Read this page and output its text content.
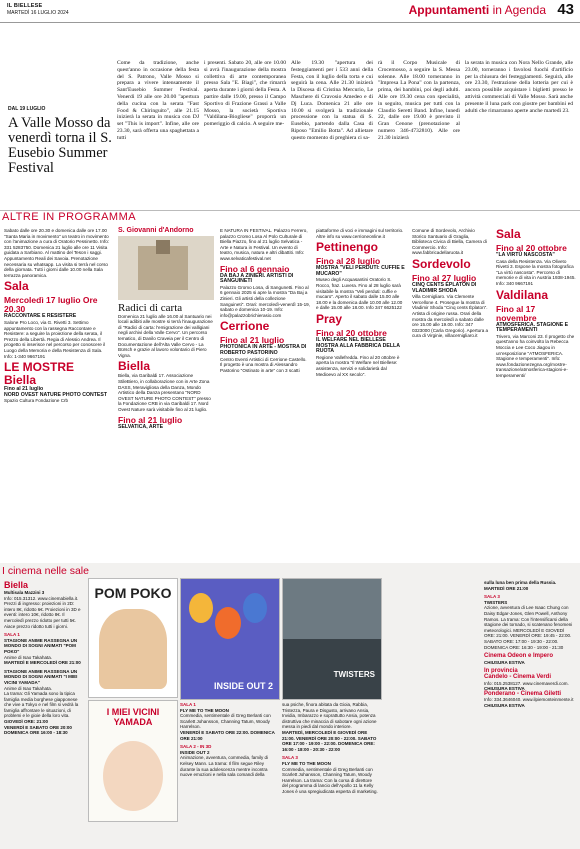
IL BIELLESE
MARTEDÌ 16 LUGLIO 2024	Appuntamenti in Agenda 43
DAL 19 LUGLIO
A Valle Mosso da venerdì torna il S. Eusebio Summer Festival
Come da tradizione, anche quest'anno in occasione della festa del S. Patrono, Valle Mosso si prepara a vivere intensamente il Sant'Eusebio Summer Festival. Venerdì 19 alle ore 20.00 "apertura della cucina con la serata "Fast Food & Chiringuito", alle 21.15 inizierà la serata in musica con DJ set "This is import". Infine, alle ore 23.30, sarà offerta una spaghettata a tutti
i presenti. Sabato 20, alle ore 10.00 si avrà l'inaugurazione della mostra collettiva di arte contemporanea presso Sala "E. Biagi", che rimarrà aperta durante i giorni della Festa. A partire dalle 19.00, presso il Campo Sportivo di Frazione Grassi a Valle Mosso, la società Sportiva "Valdilana-Biogliese" proporrà un pomeriggio di calcio. A seguire me-
Alle 19.30 "apertura dei festeggiamenti per i 533 anni della Festa, con il luglio della torta e cui seguirà la cena. Alle 21.30 inizierà la Discesa di Cristina Mercurio, Le Maschere di Cravosio Amedeo e di Dj Luca. Domenica 21 alle ore 10.00 si svolgerà la tradizionale processione con la statua di S. Eusebio, partendo dalla Casa di Riposo "Emilio Botta". Ad allietare questo momento di preghiera ci sa-
rà il Corpo Musicale di Crocemosso, a seguire la S. Messa solenne. Alle 18.00 torneranno in "Impresa La Pona" con la partenza, prima, dei bambini, poi degli adulti. Alle ore 19.30 cena con specialità, in seguito, musica per tutti con la Claudio Seretti Band. Infine, lunedì 22, dalle ore 19.00 è previsto il Gran Cenone (prenotazione al numero 346-4732810). Alle ore 21.30 inizierà
la serata in musica con Nora Nello Grande, alle 23.00, torneranno i favolosi fuochi d'artificio per la chiusura dei festeggiamenti. Seguirà, alle ore 23.30, l'estrazione della lotteria per cui è ancora possibile acquistare i biglietti presso le attività commerciali di Valle Mosso. Sarà anche presente il luna park con giostre per bambini ed adulti che rimarranno aperte anche martedì 23.
ALTRE IN PROGRAMMA

Sabato dalle ore 20.30 e domenica dalle ore 17.00 "Santa Maria in movimento" un teatro in movimento con l'animazione a cura di Oratorio Pessinetto. Info: 331 5283750. Domenica 21 luglio alle ore 11 Visita guidata a Sarbiano. Al mattino del Teson i saggi. Appuntamento Reali dei Savoia. Prenotazione necessaria su whatsapp. La visita si terrà nel corso della giornata. Tutti i giorni dalle 10.00 nella Sala terrazza panoramica.

Sala
Mercoledì 17 luglio Ore 20.30
RACCONTARE E RESISTERE

Salone Pro Loco, via G. Rivetti 3. Settimo appuntamento con la rassegna Raccontare e Resistere: a seguire la proiezione della serata, il Prezzo della Libertà. Regia di Alessio Andrea. Il progetto si inserisce nel percorso per conoscere il Luogo della Memoria e della Resistenza di Sala. Info: 1-340 9667191

LE MOSTRE
Biella
Fino al 21 luglio
NORD OVEST NATURE PHOTO CONTEST

Spazio Cultura Fondazione Crb

S. Giovanni d'Andorno
Radici di carta

Domenica 21 luglio alle 16.00 al Santuario nei locali adibiti alle mostre si terrà l'inaugurazione di "Radici di carta: l'emigrazione dei valligiani negli archivi della Valle Cervo". Un percorso tematico, di Danilo Craveia per il Centro di Documentazione dell'Alta Valle Cervo - La Bürsch e grazie al lavoro volontario di Piero Vigna.

Biella

Biella, via Garibaldi 17. Associazione StileBiero, in collaborazione con in Arte Zona DASS, Meravigliosa della Danza, Mondo Artistico della Danza presentano "NORD OVEST NATURE PHOTO CONTEST" presso la Fondazione CRB in via Garibaldi 17. Nord Ovest Nature sarà visitabile fino al 21 luglio.

Fino al 21 luglio
SELVATICA, ARTE

E NATURA IN FESTIVAL. Palazzo Ferrero, palazzo Cromo Losa Al Polo Culturale di Biella Piazzo, fino al 21 luglio Selvatica - Arte e Natura in Festival. Un evento di teatro, musica, natura e altri dibattiti. Info: www.selvaticafestival.net

Fino al 6 gennaio
DA BAJ A ZINIERI. ARTISTI DI SANGUINETI

Palazzo Gromo Losa, di Sangunetti. Fino al 6 gennaio 2025 si apre la mostra "Da Baj a Zinieri. Gli artisti della collezione Sanguineti". Orari: mercoledì-venerdì 15-19, sabato e domenica 10-19. Info: info@palazzobrichierasio.com

Cerrione
Fino al 21 luglio
PHOTONICA IN ARTE - MOSTRA DI ROBERTO PASTORINO

Centro Eventi Artistici di Cerrione Castello. Il progetto è una mostra di Alessandro Pastorino "Ostinato in arte" con 3 scatti

piattaforme di voci e immagini sul territorio. Altre info su www.cerrioneonline.it

Pettinengo
Fino al 28 luglio
MOSTRA "VELI PERDUTI: CUFFIE E MUCARO"

Museo degli Acquasantini Oratorio S. Rocco, fraz. Luvera. Fino al 28 luglio sarà visitabile la mostra "Veli perduti: cuffie e mucaro". Aperto il sabato dalle 15.00 alle 18.00 e la domenica dalle 10.00 alle 12.00 e dalle 15.00 alle 18.00. Info 347 6625122

Pray
Fino al 20 ottobre
IL WELFARE NEL BIELLESE MOSTRA ALLA FABBRICA DELLA RUOTA

Regione Vallefredda. Fino al 20 ottobre è aperta la mostra "Il Welfare nel Biellese: assistenza, servizi e solidarietà dal Medioevo al XX secolo".

Comune di Sordevolo, Archivio Storico Santuario di Graglia, Biblioteca Civica di Biella, Camera di Commercio. Info: www.fabbricadellaruota.it

Sordevolo
Fino al 27 luglio
CINQ CENTS ÉPLATON DI VLADIMIR SHODA

Villa Cernigliaro. Via Clemente Vercellone 4. Prosegue la mostra di Vladimir Shoda "Cinq cents Éplaton". Artista di origine russa. Orari della mostra da mercoledì a sabato dalle ore 15.00 alle 19.00. Info: 347 0323000 (Carla Gregorio). Apertura a cura di Virginie, villacernigliaro.it

Sala
Fino al 20 ottobre
"LA VIRTÙ NASCOSTA"

Casa della Resistenza. Via Oliveto Rivetti 3. Espone la mostra fotografica "La virtù nascosta". Percorso di memorie e di vita in Austria 1938-1945. Info: 340 9667191

Valdilana
Fino al 17 novembre
ATMOSFERICA. STAGIONE E TEMPERAMENTI

Trivero, via Marconi 23. Il progetto che quest'anno ha coinvolto la Rebecca Moccia e Lee Coco Jiagou in un'esposizione "ATMOSFERICA. Stagione e temperamenti". Info: www.fondazionezegna.org/mostre-transazione/atmosferica-stagioni-e-temperamenti/

I cinema nelle sale
Biella
Multisala Mazzini 3
Info: 015.31312. www.cinemabiella.it. Prezzi di ingresso: proiezioni in 2D: intero 8€, ridotto 6€. Proiezioni in 3D e eventi: intero 10€, ridotto 8€. Il mercoledì prezzo ridotto per tutti 5€. Aiace prezzo ridotto tutti i giorni.
SALA 1
STAGIONE ANIME RASSEGNA UN MONDO DI SOGNI ANIMATI "POM POKO"
Anime di Isao Takahata.
MARTEDÌ E MERCOLEDÌ ORE 21:00
STAGIONE ANIME RASSEGNA UN MONDO DI SOGNI ANIMATI "I MIEI VICINI YAMADA"
Anime di Isao Takahata.
La trama: Gli Yamada sono la tipica famiglia media borghese giapponese che vive a Tokyo e nel film si vedrà la famiglia affrontare le situazioni, di problemi e le gioie della loro vita.
GIOVEDÌ ORE: 21:00
VENERDÌ E SABATO ORE 20:00
DOMENICA ORE 16:00 - 18:30
POM POKO
I MIEI VICINI YAMADA
INSIDE OUT 2
TWISTERS
SALA 1
FLY ME TO THE MOON
Commedia, sentimentale di Greg Berlanti con Scarlett Johansson, Channing Tatum, Woody Harrelson.
VENERDÌ E SABATO ORE 22:00. DOMENICA ORE 21:00
SALA 2 - IN 3D
INSIDE OUT 2
Animazione, avventura, commedia, family di Kelsey Mann. La trama: Il film segue Riley durante la sua adolescenza mentre incontra nuove emozioni e nella sala comandi della
sua psiche, finora abitata da Gioia, Rabbia, Tristezza, Paura e Disgusto, arrivano Ansia, Invidia, Imbarazzo e soprattutto Ansia, potenza distruttiva che minaccia di sabotare ogni azione messa in piedi dal mondo interiore.
MARTEDÌ, MERCOLEDÌ E GIOVEDÌ ORE 21:00. VENERDÌ ORE 20:00 - 22:00. SABATO ORE 17:00 - 19:00 - 22:00. DOMENICA ORE: 16:00 - 18:00 - 20:30 - 22:00
SALA 3
FLY ME TO THE MOON
Commedia, sentimentale di Greg Berlanti con Scarlett Johansson, Channing Tatum, Woody Harrelson. La trama: Con la corsa di direttore del programma di lancio dell'Apollo 11 la Kelly Jones è una spregiudicata esperta di marketing.
sulla luna ben prima della Russia. MARTEDÌ ORE 21:00
SALA 3
TWISTERS
Azione, avventura di Lee Isaac Chung con Daisy Edgar-Jones, Glen Powell, Anthony Ramos. La trama: Con l'intensificarsi della stagione dei tornado, si scatenano fenomeni meteorologici. MERCOLEDÌ E GIOVEDÌ ORE: 21:00. VENERDÌ ORE: 19:45 - 22:00. SABATO ORE: 17:00 - 19:30 - 22:00. DOMENICA ORE: 16:30 - 19:00 - 21:30
Cinema Odeon e Impero
CHIUSURA ESTIVA
In provincia
Candelo - Cinema Verdi
Info: 015.2538127. www.cinemaverdi.com.
CHIUSURA ESTIVA
Ponderano - Cinema Giletti
Info: 334.3646040. www.ilpiemonteinmente.it
CHIUSURA ESTIVA
